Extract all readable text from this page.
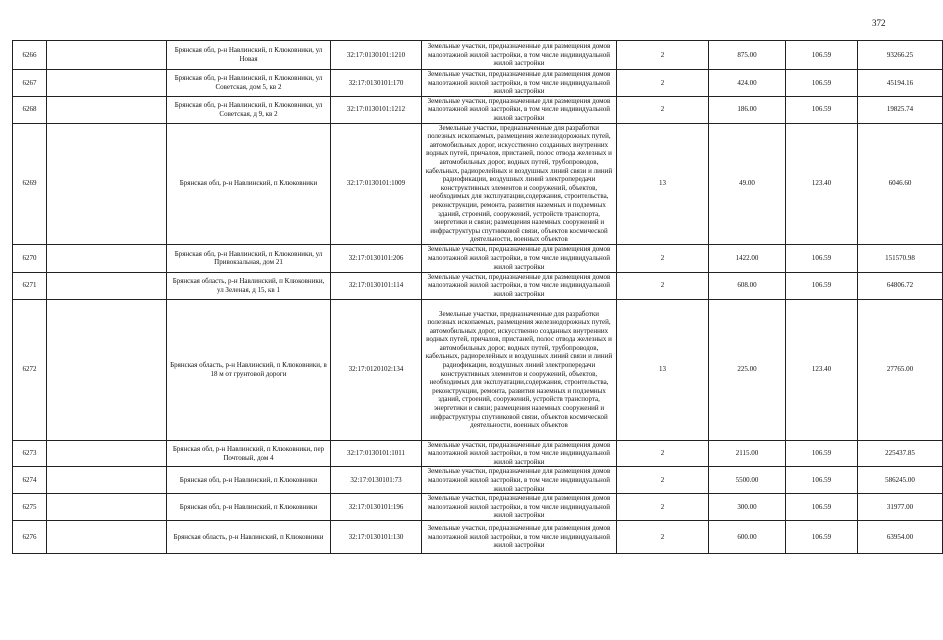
372
6266		Брянская обл, р-н Навлинский, п Клюковники, ул Новая	32:17:0130101:1210	Земельные участки, предназначенные для размещения домов малоэтажной жилой застройки, в том числе индивидуальной жилой застройки	2	875.00	106.59	93266.25
6267		Брянская обл, р-н Навлинский, п Клюковники, ул Советская, дом 5, кв 2	32:17:0130101:170	Земельные участки, предназначенные для размещения домов малоэтажной жилой застройки, в том числе индивидуальной жилой застройки	2	424.00	106.59	45194.16
6268		Брянская обл, р-н Навлинский, п Клюковники, ул Советская, д 9, кв 2	32:17:0130101:1212	Земельные участки, предназначенные для размещения домов малоэтажной жилой застройки, в том числе индивидуальной жилой застройки	2	186.00	106.59	19825.74
6269		Брянская обл, р-н Навлинский, п Клюковники	32:17:0130101:1009	Земельные участки, предназначенные для разработки полезных ископаемых, размещения железнодорожных путей, автомобильных дорог, искусственно созданных внутренних водных путей, причалов, пристаней, полос отвода железных и автомобильных дорог, водных путей, трубопроводов, кабельных, радиорелейных и воздушных линий связи и линий радиофикации, воздушных линий электропередачи конструктивных элементов и сооружений, объектов, необходимых для эксплуатации,содержания, строительства, реконструкции, ремонта, развития наземных и подземных зданий, строений, сооружений, устройств транспорта, энергетики и связи; размещения наземных сооружений и инфраструктуры спутниковой связи, объектов космической деятельности, военных объектов	13	49.00	123.40	6046.60
6270		Брянская обл, р-н Навлинский, п Клюковники, ул Привокзальная, дом 21	32:17:0130101:206	Земельные участки, предназначенные для размещения домов малоэтажной жилой застройки, в том числе индивидуальной жилой застройки	2	1422.00	106.59	151570.98
6271		Брянская область, р-н Навлинский, п Клюковники, ул Зеленая, д 15, кв 1	32:17:0130101:114	Земельные участки, предназначенные для размещения домов малоэтажной жилой застройки, в том числе индивидуальной жилой застройки	2	608.00	106.59	64806.72
6272		Брянская область, р-н Навлинский, п Клюковники, в 18 м от грунтовой дороги	32:17:0120102:134	Земельные участки, предназначенные для разработки полезных ископаемых, размещения железнодорожных путей, автомобильных дорог, искусственно созданных внутренних водных путей, причалов, пристаней, полос отвода железных и автомобильных дорог, водных путей, трубопроводов, кабельных, радиорелейных и воздушных линий связи и линий радиофикации, воздушных линий электропередачи конструктивных элементов и сооружений, объектов, необходимых для эксплуатации,содержания, строительства, реконструкции, ремонта, развития наземных и подземных зданий, строений, сооружений, устройств транспорта, энергетики и связи; размещения наземных сооружений и инфраструктуры спутниковой связи, объектов космической деятельности, военных объектов	13	225.00	123.40	27765.00
6273		Брянская обл, р-н Навлинский, п Клюковники, пер Почтовый, дом 4	32:17:0130101:1011	Земельные участки, предназначенные для размещения домов малоэтажной жилой застройки, в том числе индивидуальной жилой застройки	2	2115.00	106.59	225437.85
6274		Брянская обл, р-н Навлинский, п Клюковники	32:17:0130101:73	Земельные участки, предназначенные для размещения домов малоэтажной жилой застройки, в том числе индивидуальной жилой застройки	2	5500.00	106.59	586245.00
6275		Брянская обл, р-н Навлинский, п Клюковники	32:17:0130101:196	Земельные участки, предназначенные для размещения домов малоэтажной жилой застройки, в том числе индивидуальной жилой застройки	2	300.00	106.59	31977.00
6276		Брянская область, р-н Навлинский, п Клюковники	32:17:0130101:130	Земельные участки, предназначенные для размещения домов малоэтажной жилой застройки, в том числе индивидуальной жилой застройки	2	600.00	106.59	63954.00
